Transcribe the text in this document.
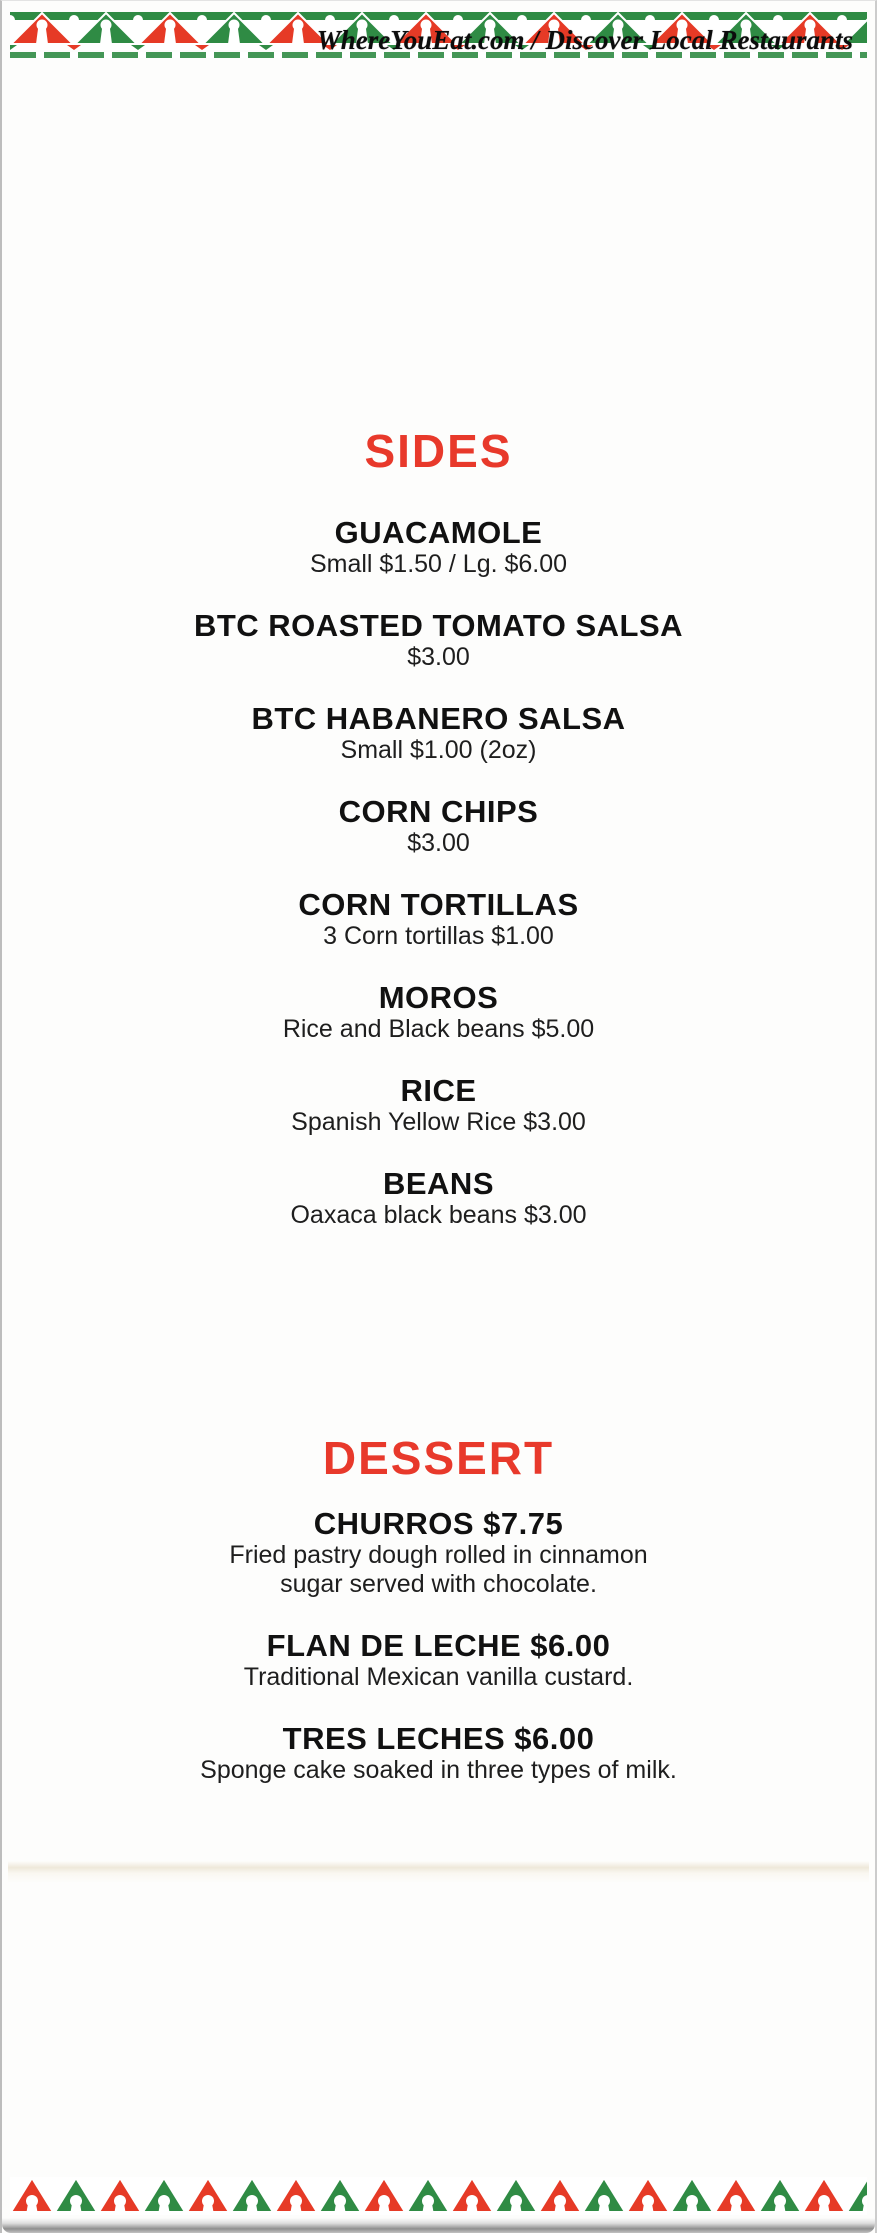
WhereYouEat.com / Discover Local Restaurants
SIDES
GUACAMOLE
Small $1.50 / Lg. $6.00
BTC ROASTED TOMATO SALSA
$3.00
BTC HABANERO SALSA
Small $1.00 (2oz)
CORN CHIPS
$3.00
CORN TORTILLAS
3 Corn tortillas $1.00
MOROS
Rice and Black beans $5.00
RICE
Spanish Yellow Rice $3.00
BEANS
Oaxaca black beans $3.00
DESSERT
CHURROS $7.75
Fried pastry dough rolled in cinnamon sugar served with chocolate.
FLAN DE LECHE $6.00
Traditional Mexican vanilla custard.
TRES LECHES $6.00
Sponge cake soaked in three types of milk.
